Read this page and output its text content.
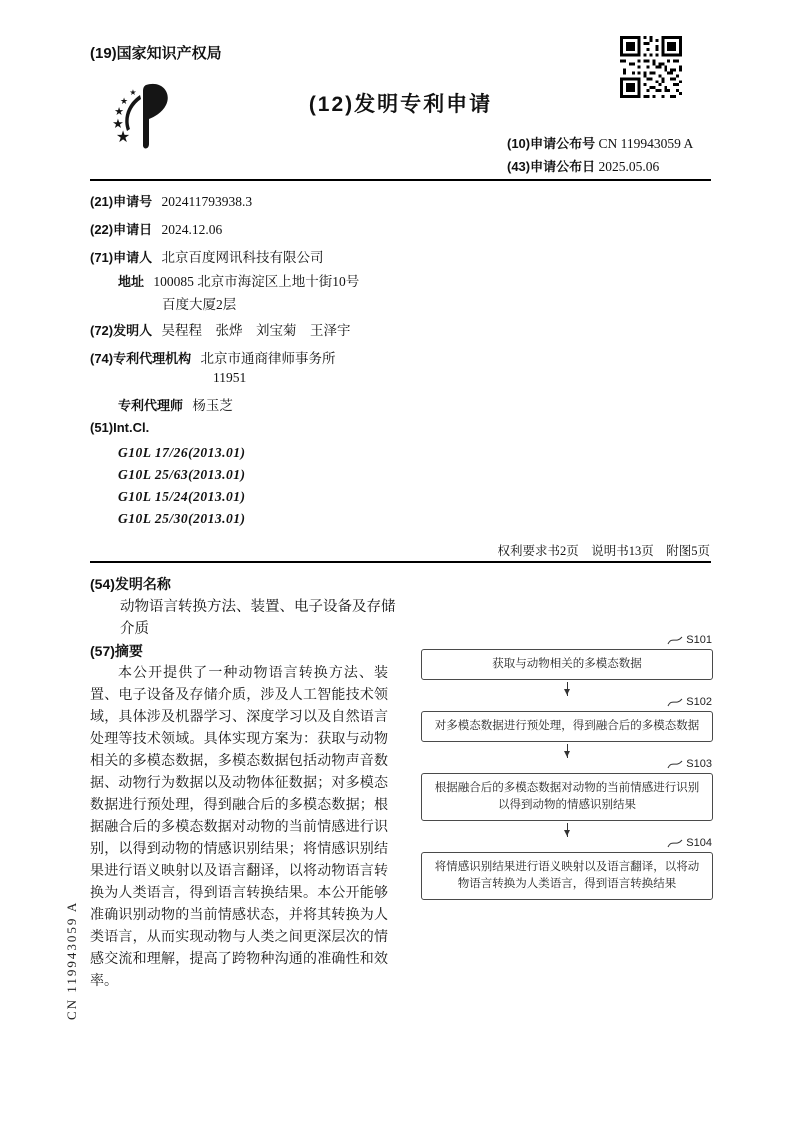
(19)国家知识产权局
★
★
★
★
★
(12)发明专利申请
(10)申请公布号 CN 119943059 A
(43)申请公布日 2025.05.06
(21)申请号 202411793938.3
(22)申请日 2024.12.06
(71)申请人 北京百度网讯科技有限公司
地址 100085 北京市海淀区上地十街10号
百度大厦2层
(72)发明人 吴程程　张烨　刘宝菊　王泽宇
(74)专利代理机构 北京市通商律师事务所
11951
专利代理师 杨玉芝
(51)Int.Cl.
G10L 17/26(2013.01)
G10L 25/63(2013.01)
G10L 15/24(2013.01)
G10L 25/30(2013.01)
权利要求书2页　说明书13页　附图5页
(54)发明名称
动物语言转换方法、装置、电子设备及存储介质
(57)摘要
本公开提供了一种动物语言转换方法、装置、电子设备及存储介质，涉及人工智能技术领域，具体涉及机器学习、深度学习以及自然语言处理等技术领域。具体实现方案为：获取与动物相关的多模态数据，多模态数据包括动物声音数据、动物行为数据以及动物体征数据；对多模态数据进行预处理，得到融合后的多模态数据；根据融合后的多模态数据对动物的当前情感进行识别，以得到动物的情感识别结果；将情感识别结果进行语义映射以及语言翻译，以将动物语言转换为人类语言，得到语言转换结果。本公开能够准确识别动物的当前情感状态，并将其转换为人类语言，从而实现动物与人类之间更深层次的情感交流和理解，提高了跨物种沟通的准确性和效率。
S101
获取与动物相关的多模态数据
S102
对多模态数据进行预处理，得到融合后的多模态数据
S103
根据融合后的多模态数据对动物的当前情感进行识别以得到动物的情感识别结果
S104
将情感识别结果进行语义映射以及语言翻译，以将动物语言转换为人类语言，得到语言转换结果
CN 119943059 A
